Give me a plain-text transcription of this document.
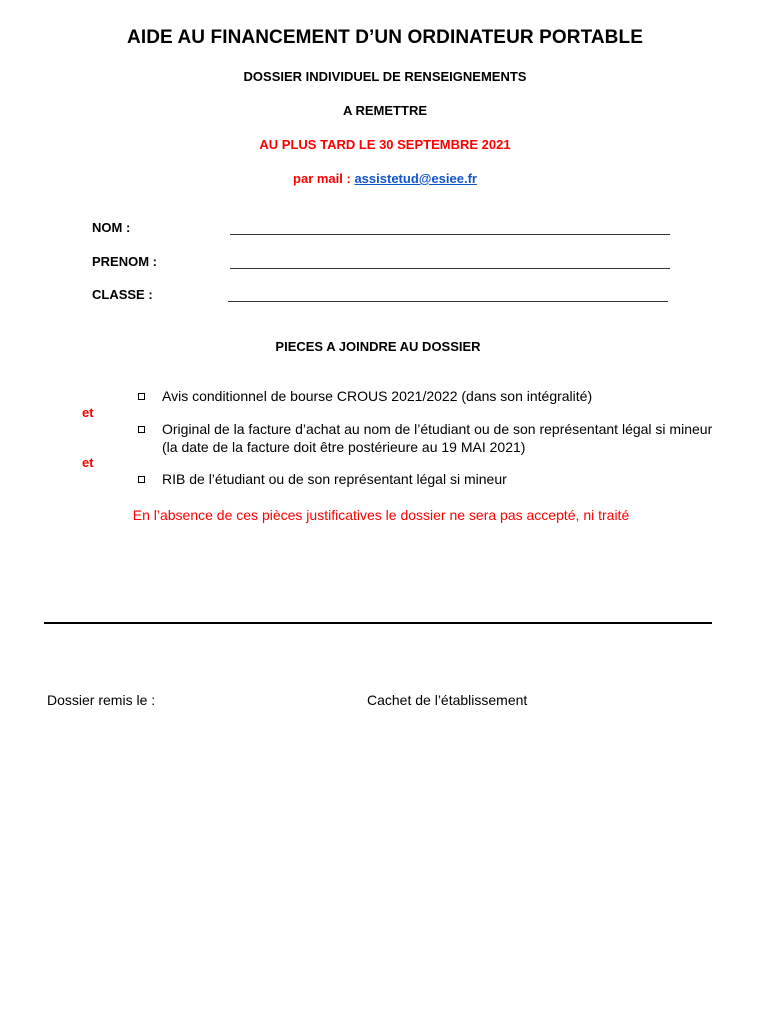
AIDE AU FINANCEMENT D’UN ORDINATEUR PORTABLE
DOSSIER INDIVIDUEL DE RENSEIGNEMENTS
A REMETTRE
AU PLUS TARD LE 30 SEPTEMBRE 2021
par mail : assistetud@esiee.fr
NOM :
PRENOM :
CLASSE :
PIECES A JOINDRE AU DOSSIER
Avis conditionnel de bourse CROUS 2021/2022 (dans son intégralité)
et
Original de la facture d’achat au nom de l’étudiant ou de son représentant légal si mineur (la date de la facture doit être postérieure au 19 MAI 2021)
et
RIB de l’étudiant ou de son représentant légal si mineur
En l’absence de ces pièces justificatives le dossier ne sera pas accepté, ni traité
Dossier remis le :	Cachet de l’établissement
